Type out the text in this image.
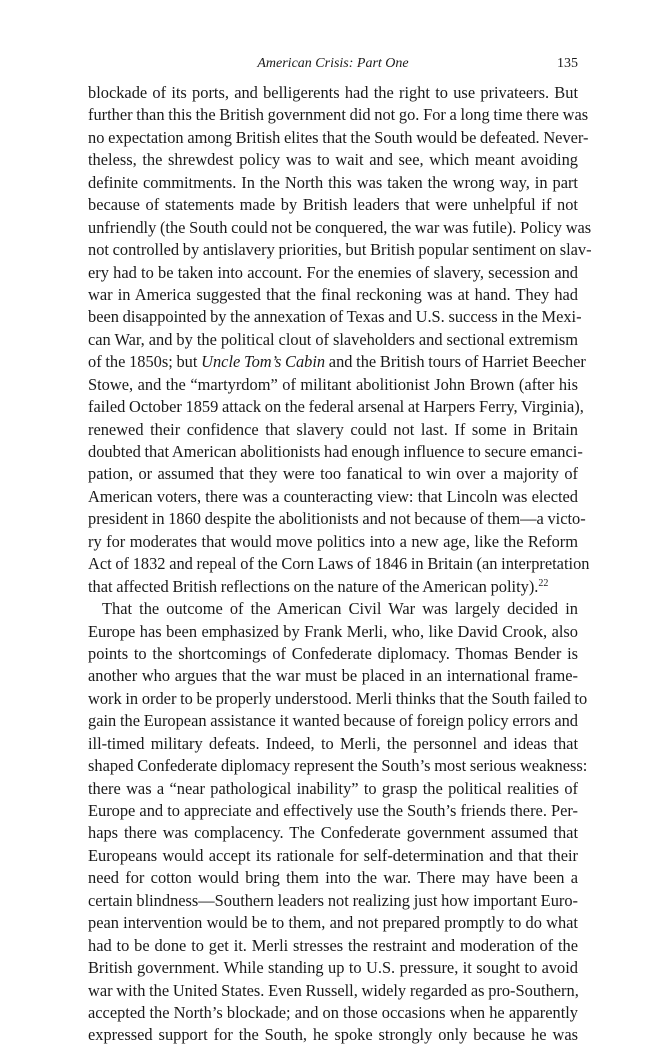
American Crisis: Part One	135
blockade of its ports, and belligerents had the right to use privateers. But
further than this the British government did not go. For a long time there was
no expectation among British elites that the South would be defeated. Never-
theless, the shrewdest policy was to wait and see, which meant avoiding
definite commitments. In the North this was taken the wrong way, in part
because of statements made by British leaders that were unhelpful if not
unfriendly (the South could not be conquered, the war was futile). Policy was
not controlled by antislavery priorities, but British popular sentiment on slav-
ery had to be taken into account. For the enemies of slavery, secession and
war in America suggested that the final reckoning was at hand. They had
been disappointed by the annexation of Texas and U.S. success in the Mexi-
can War, and by the political clout of slaveholders and sectional extremism
of the 1850s; but Uncle Tom’s Cabin and the British tours of Harriet Beecher
Stowe, and the “martyrdom” of militant abolitionist John Brown (after his
failed October 1859 attack on the federal arsenal at Harpers Ferry, Virginia),
renewed their confidence that slavery could not last. If some in Britain
doubted that American abolitionists had enough influence to secure emanci-
pation, or assumed that they were too fanatical to win over a majority of
American voters, there was a counteracting view: that Lincoln was elected
president in 1860 despite the abolitionists and not because of them—a victo-
ry for moderates that would move politics into a new age, like the Reform
Act of 1832 and repeal of the Corn Laws of 1846 in Britain (an interpretation
that affected British reflections on the nature of the American polity).$^{22}$
That the outcome of the American Civil War was largely decided in
Europe has been emphasized by Frank Merli, who, like David Crook, also
points to the shortcomings of Confederate diplomacy. Thomas Bender is
another who argues that the war must be placed in an international frame-
work in order to be properly understood. Merli thinks that the South failed to
gain the European assistance it wanted because of foreign policy errors and
ill-timed military defeats. Indeed, to Merli, the personnel and ideas that
shaped Confederate diplomacy represent the South’s most serious weakness:
there was a “near pathological inability” to grasp the political realities of
Europe and to appreciate and effectively use the South’s friends there. Per-
haps there was complacency. The Confederate government assumed that
Europeans would accept its rationale for self-determination and that their
need for cotton would bring them into the war. There may have been a
certain blindness—Southern leaders not realizing just how important Euro-
pean intervention would be to them, and not prepared promptly to do what
had to be done to get it. Merli stresses the restraint and moderation of the
British government. While standing up to U.S. pressure, it sought to avoid
war with the United States. Even Russell, widely regarded as pro-Southern,
accepted the North’s blockade; and on those occasions when he apparently
expressed support for the South, he spoke strongly only because he was
